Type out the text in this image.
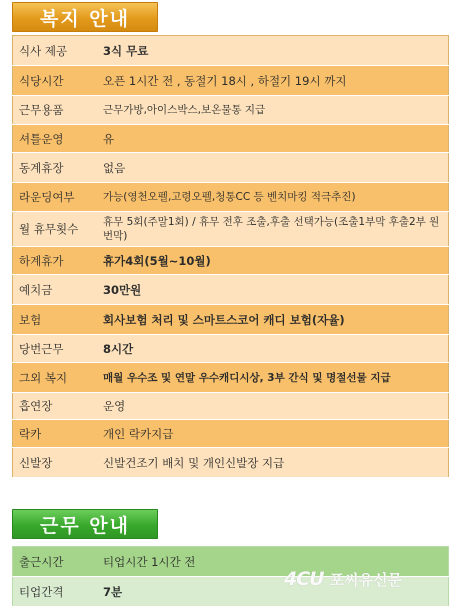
복지 안내
식사 제공	3식 무료
식당시간	오픈 1시간 전 , 동절기 18시 , 하절기 19시 까지
근무용품	근무가방,아이스박스,보온물통 지급
셔틀운영	유
동계휴장	없음
라운딩여부	가능(영천오펠,고령오펠,청통CC 등 벤치마킹 적극추진)
월 휴무횟수	휴무 5회(주말1회) / 휴무 전후 조출,후출 선택가능(조출1부막 후출2부 원번막)
하계휴가	휴가4회(5월~10월)
예치금	30만원
보험	회사보험 처리 및 스마트스코어 캐디 보험(자율)
당번근무	8시간
그외 복지	매월 우수조 및 연말 우수캐디시상, 3부 간식 및 명절선물 지급
흡연장	운영
락카	개인 락카지급
신발장	신발건조기 배치 및 개인신발장 지급
근무 안내
출근시간	티업시간 1시간 전
티업간격	7분
4CU 포씨유신문
